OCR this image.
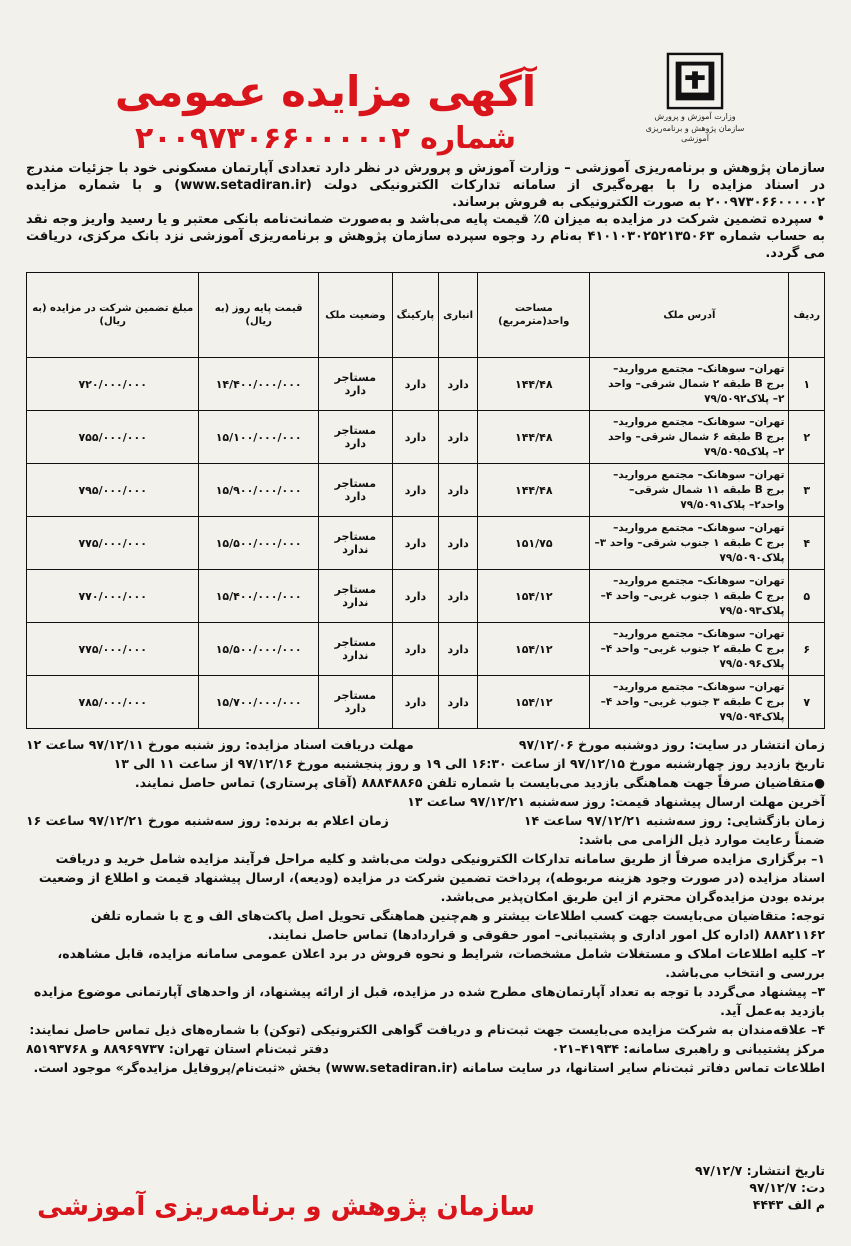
وزارت آموزش و پرورش
سازمان پژوهش و برنامه‌ریزی آموزشی
آگهی مزایده عمومی
شماره ۲۰۰۹۷۳۰۶۶۰۰۰۰۰۲

سازمان پژوهش و برنامه‌ریزی آموزشی – وزارت آموزش و پرورش در نظر دارد تعدادی آپارتمان مسکونی خود با جزئیات مندرج در اسناد مزایده را با بهره‌گیری از سامانه تدارکات الکترونیکی دولت (www.setadiran.ir) و با شماره مزایده ۲۰۰۹۷۳۰۶۶۰۰۰۰۰۲ به صورت الکترونیکی به فروش برساند.

• سپرده تضمین شرکت در مزایده به میزان ۵٪ قیمت پایه می‌باشد و به‌صورت ضمانت‌نامه بانکی معتبر و یا رسید واریز وجه نقد به حساب شماره ۴۱۰۱۰۳۰۲۵۲۱۳۵۰۶۳ به‌نام رد وجوه سپرده سازمان پژوهش و برنامه‌ریزی آموزشی نزد بانک مرکزی، دریافت می گردد.

ردیف	آدرس ملک	مساحت واحد(مترمربع)	انباری	پارکینگ	وضعیت ملک	قیمت پایه روز (به ریال)	مبلغ تضمین شرکت در مزایده (به ریال)
۱	تهران– سوهانک– مجتمع مروارید– برج B طبقه ۲ شمال شرقی– واحد ۲– پلاک۷۹/۵۰۹۲	۱۴۴/۴۸	دارد	دارد	مستاجر دارد	۱۴/۴۰۰/۰۰۰/۰۰۰	۷۲۰/۰۰۰/۰۰۰
۲	تهران– سوهانک– مجتمع مروارید– برج B طبقه ۶ شمال شرقی– واحد ۲– پلاک۷۹/۵۰۹۵	۱۴۴/۴۸	دارد	دارد	مستاجر دارد	۱۵/۱۰۰/۰۰۰/۰۰۰	۷۵۵/۰۰۰/۰۰۰
۳	تهران– سوهانک– مجتمع مروارید– برج B طبقه ۱۱ شمال شرقی– واحد۲– پلاک۷۹/۵۰۹۱	۱۴۴/۴۸	دارد	دارد	مستاجر دارد	۱۵/۹۰۰/۰۰۰/۰۰۰	۷۹۵/۰۰۰/۰۰۰
۴	تهران– سوهانک– مجتمع مروارید– برج C طبقه ۱ جنوب شرقی– واحد ۳– پلاک۷۹/۵۰۹۰	۱۵۱/۷۵	دارد	دارد	مستاجر ندارد	۱۵/۵۰۰/۰۰۰/۰۰۰	۷۷۵/۰۰۰/۰۰۰
۵	تهران– سوهانک– مجتمع مروارید– برج C طبقه ۱ جنوب غربی– واحد ۴– پلاک۷۹/۵۰۹۳	۱۵۴/۱۲	دارد	دارد	مستاجر ندارد	۱۵/۴۰۰/۰۰۰/۰۰۰	۷۷۰/۰۰۰/۰۰۰
۶	تهران– سوهانک– مجتمع مروارید– برج C طبقه ۲ جنوب غربی– واحد ۴– پلاک۷۹/۵۰۹۶	۱۵۴/۱۲	دارد	دارد	مستاجر ندارد	۱۵/۵۰۰/۰۰۰/۰۰۰	۷۷۵/۰۰۰/۰۰۰
۷	تهران– سوهانک– مجتمع مروارید– برج C طبقه ۳ جنوب غربی– واحد ۴– پلاک۷۹/۵۰۹۴	۱۵۴/۱۲	دارد	دارد	مستاجر دارد	۱۵/۷۰۰/۰۰۰/۰۰۰	۷۸۵/۰۰۰/۰۰۰
زمان انتشار در سایت: روز دوشنبه مورخ ۹۷/۱۲/۰۶
مهلت دریافت اسناد مزایده: روز شنبه مورخ ۹۷/۱۲/۱۱ ساعت ۱۲

تاریخ بازدید روز چهارشنبه مورخ ۹۷/۱۲/۱۵ از ساعت ۱۶:۳۰ الی ۱۹ و روز پنجشنبه مورخ ۹۷/۱۲/۱۶ از ساعت ۱۱ الی ۱۳

●متقاضیان صرفاً جهت هماهنگی بازدید می‌بایست با شماره تلفن ۸۸۸۴۸۸۶۵ (آقای پرستاری) تماس حاصل نمایند.

آخرین مهلت ارسال پیشنهاد قیمت: روز سه‌شنبه ۹۷/۱۲/۲۱ ساعت ۱۳

زمان بازگشایی: روز سه‌شنبه ۹۷/۱۲/۲۱ ساعت ۱۴
زمان اعلام به برنده: روز سه‌شنبه مورخ ۹۷/۱۲/۲۱ ساعت ۱۶

ضمناً رعایت موارد ذیل الزامی می باشد:

۱– برگزاری مزایده صرفاً از طریق سامانه تدارکات الکترونیکی دولت می‌باشد و کلیه مراحل فرآیند مزایده شامل خرید و دریافت اسناد مزایده (در صورت وجود هزینه مربوطه)، پرداخت تضمین شرکت در مزایده (ودیعه)، ارسال پیشنهاد قیمت و اطلاع از وضعیت برنده بودن مزایده‌گران محترم از این طریق امکان‌پذیر می‌باشد.

توجه: متقاضیان می‌بایست جهت کسب اطلاعات بیشتر و هم‌چنین هماهنگی تحویل اصل پاکت‌های الف و ج با شماره تلفن ۸۸۸۲۱۱۶۲ (اداره کل امور اداری و پشتیبانی– امور حقوقی و قراردادها) تماس حاصل نمایند.

۲– کلیه اطلاعات املاک و مستغلات شامل مشخصات، شرایط و نحوه فروش در برد اعلان عمومی سامانه مزایده، قابل مشاهده، بررسی و انتخاب می‌باشد.

۳– پیشنهاد می‌گردد با توجه به تعداد آپارتمان‌های مطرح شده در مزایده، قبل از ارائه پیشنهاد، از واحدهای آپارتمانی موضوع مزایده بازدید به‌عمل آید.

۴– علاقه‌مندان به شرکت مزایده می‌بایست جهت ثبت‌نام و دریافت گواهی الکترونیکی (توکن) با شماره‌های ذیل تماس حاصل نمایند:

مرکز پشتیبانی و راهبری سامانه: ۴۱۹۳۴–۰۲۱
دفتر ثبت‌نام استان تهران: ۸۸۹۶۹۷۳۷ و ۸۵۱۹۳۷۶۸

اطلاعات تماس دفاتر ثبت‌نام سایر استانها، در سایت سامانه (www.setadiran.ir) بخش «ثبت‌نام/پروفایل مزایده‌گر» موجود است.

تاریخ انتشار: ۹۷/۱۲/۷
دت: ۹۷/۱۲/۷
م الف ۴۴۴۳
سازمان پژوهش و برنامه‌ریزی آموزشی
